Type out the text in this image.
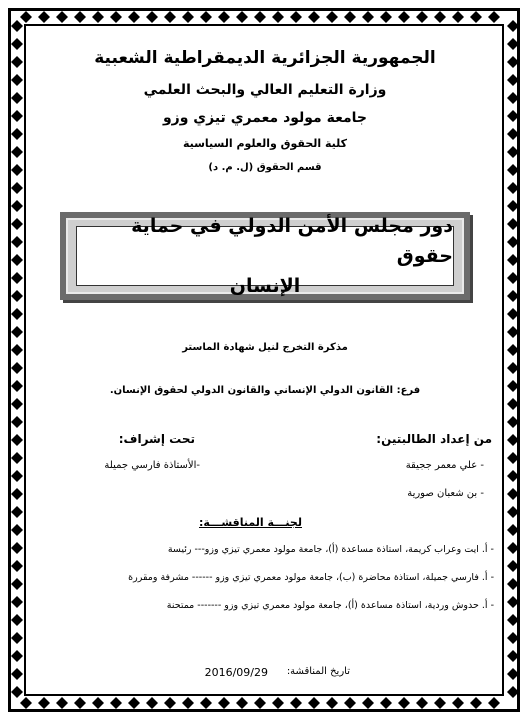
الجمهورية الجزائرية الديمقراطية الشعبية
وزارة التعليم العالي والبحث العلمي
جامعة مولود معمري تيزي وزو
كلية الحقوق والعلوم السياسية
قسم الحقوق (ل. م. د)
دور مجلس الأمن الدولي في حماية حقوق
الإنسان
مذكرة التخرج لنيل شهادة الماستر
فرع: القانون الدولي الإنساني والقانون الدولي لحقوق الإنسان.
من إعداد الطالبتين:
- علي معمر ججيقة
- بن شعبان صورية
تحت إشراف:
-الأستاذة فارسي جميلة
لجنـــة المناقشـــة:
- أ. ايت وعراب كريمة، استاذة مساعدة (أ)، جامعة مولود معمري تيزي وزو--- رئيسة
- أ. فارسي جميلة، استاذة محاضرة (ب)، جامعة مولود معمري تيزي وزو ------ مشرفة ومقررة
- أ. حدوش وردية، استاذة مساعدة (أ)، جامعة مولود معمري تيزي وزو ------- ممتحنة
تاريخ المناقشة:
2016/09/29
